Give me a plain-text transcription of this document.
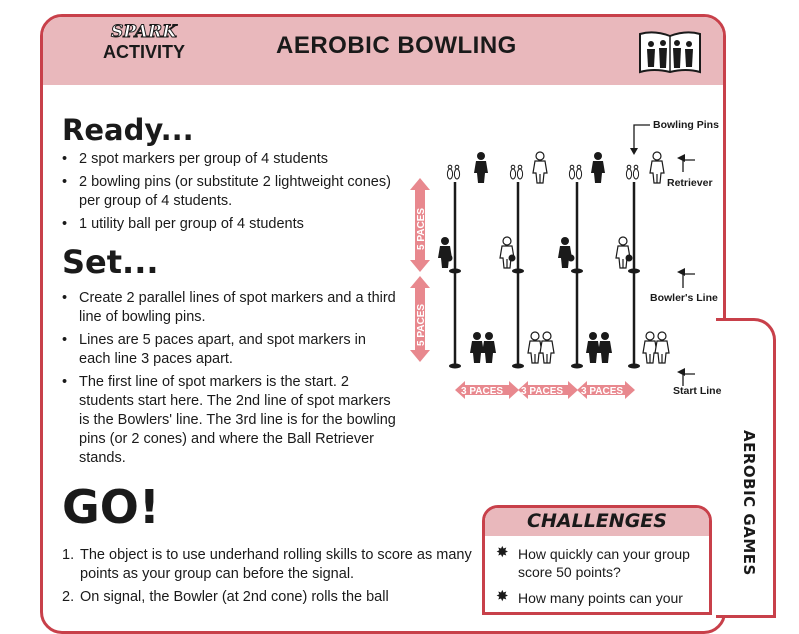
AEROBIC GAMES
SPARK
ACTIVITY	AEROBIC BOWLING
Ready...
• 2 spot markers per group of 4 students
• 2 bowling pins (or substitute 2 lightweight cones) per group of 4 students.
• 1 utility ball per group of 4 students
Set...
• Create 2 parallel lines of spot markers and a third line of bowling pins.
• Lines are 5 paces apart, and spot markers in each line 3 paces apart.
• The first line of spot markers is the start. 2 students start here. The 2nd line of spot markers is the Bowlers' line. The 3rd line is for the bowling pins (or 2 cones) and where the Ball Retriever stands.
GO!
1. The object is to use underhand rolling skills to score as many points as your group can before the signal.
2. On signal, the Bowler (at 2nd cone) rolls the ball
5 PACES
5 PACES
3 PACES 3 PACES 3 PACES
Bowling Pins
Retriever
Bowler's Line
Start Line
CHALLENGES
✸ How quickly can your group score 50 points?
✸ How many points can your
